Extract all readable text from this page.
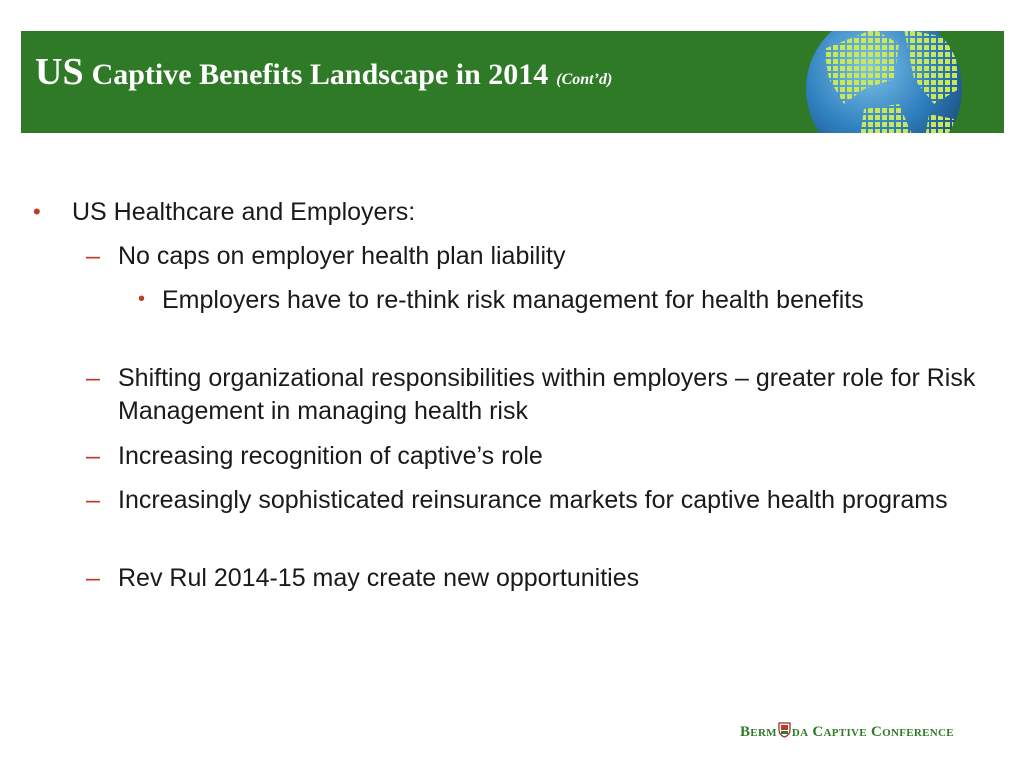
US Captive Benefits Landscape in 2014 (Cont’d)
• US Healthcare and Employers:
– No caps on employer health plan liability
• Employers have to re-think risk management for health benefits
– Shifting organizational responsibilities within employers – greater role for Risk Management in managing health risk
– Increasing recognition of captive’s role
– Increasingly sophisticated reinsurance markets for captive health programs
– Rev Rul 2014-15 may create new opportunities
Berm da Captive Conference
